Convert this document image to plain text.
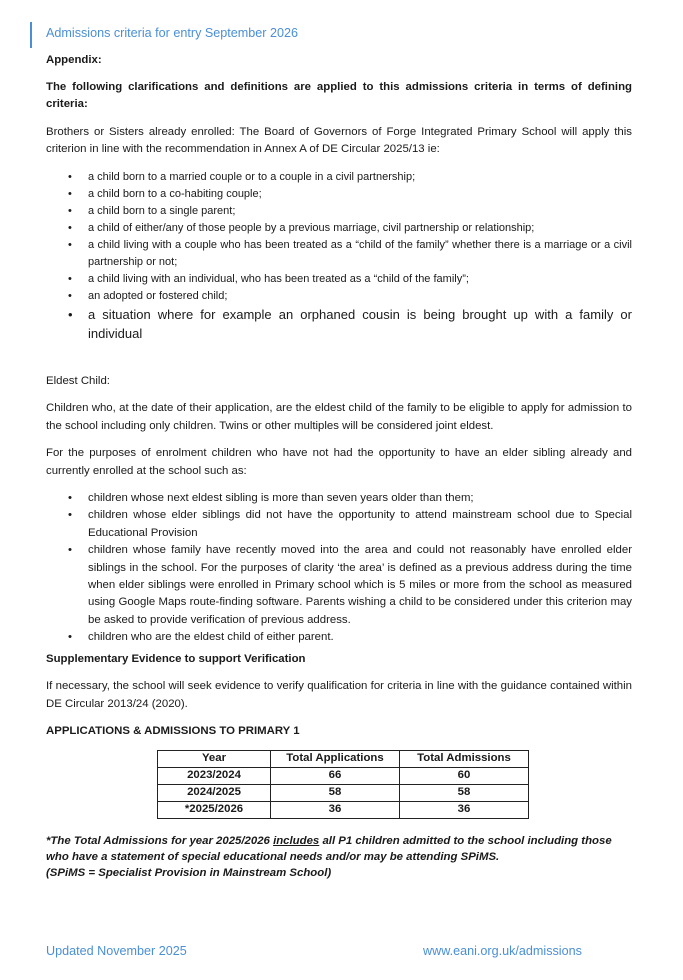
Admissions criteria for entry September 2026

Appendix:

The following clarifications and definitions are applied to this admissions criteria in terms of defining criteria:

Brothers or Sisters already enrolled: The Board of Governors of Forge Integrated Primary School will apply this criterion in line with the recommendation in Annex A of DE Circular 2025/13 ie:

• a child born to a married couple or to a couple in a civil partnership;
• a child born to a co-habiting couple;
• a child born to a single parent;
• a child of either/any of those people by a previous marriage, civil partnership or relationship;
• a child living with a couple who has been treated as a “child of the family” whether there is a marriage or a civil partnership or not;
• a child living with an individual, who has been treated as a “child of the family”;
• an adopted or fostered child;
• a situation where for example an orphaned cousin is being brought up with a family or individual

Eldest Child:

Children who, at the date of their application, are the eldest child of the family to be eligible to apply for admission to the school including only children. Twins or other multiples will be considered joint eldest.

For the purposes of enrolment children who have not had the opportunity to have an elder sibling already and currently enrolled at the school such as:

• children whose next eldest sibling is more than seven years older than them;
• children whose elder siblings did not have the opportunity to attend mainstream school due to Special Educational Provision
• children whose family have recently moved into the area and could not reasonably have enrolled elder siblings in the school. For the purposes of clarity ‘the area’ is defined as a previous address during the time when elder siblings were enrolled in Primary school which is 5 miles or more from the school as measured using Google Maps route-finding software. Parents wishing a child to be considered under this criterion may be asked to provide verification of previous address.
• children who are the eldest child of either parent.

Supplementary Evidence to support Verification

If necessary, the school will seek evidence to verify qualification for criteria in line with the guidance contained within DE Circular 2013/24 (2020).

APPLICATIONS & ADMISSIONS TO PRIMARY 1

Year	Total Applications	Total Admissions
2023/2024	66	60
2024/2025	58	58
*2025/2026	36	36

*The Total Admissions for year 2025/2026 includes all P1 children admitted to the school including those who have a statement of special educational needs and/or may be attending SPiMS.
(SPiMS = Specialist Provision in Mainstream School)

Updated November 2025	www.eani.org.uk/admissions
